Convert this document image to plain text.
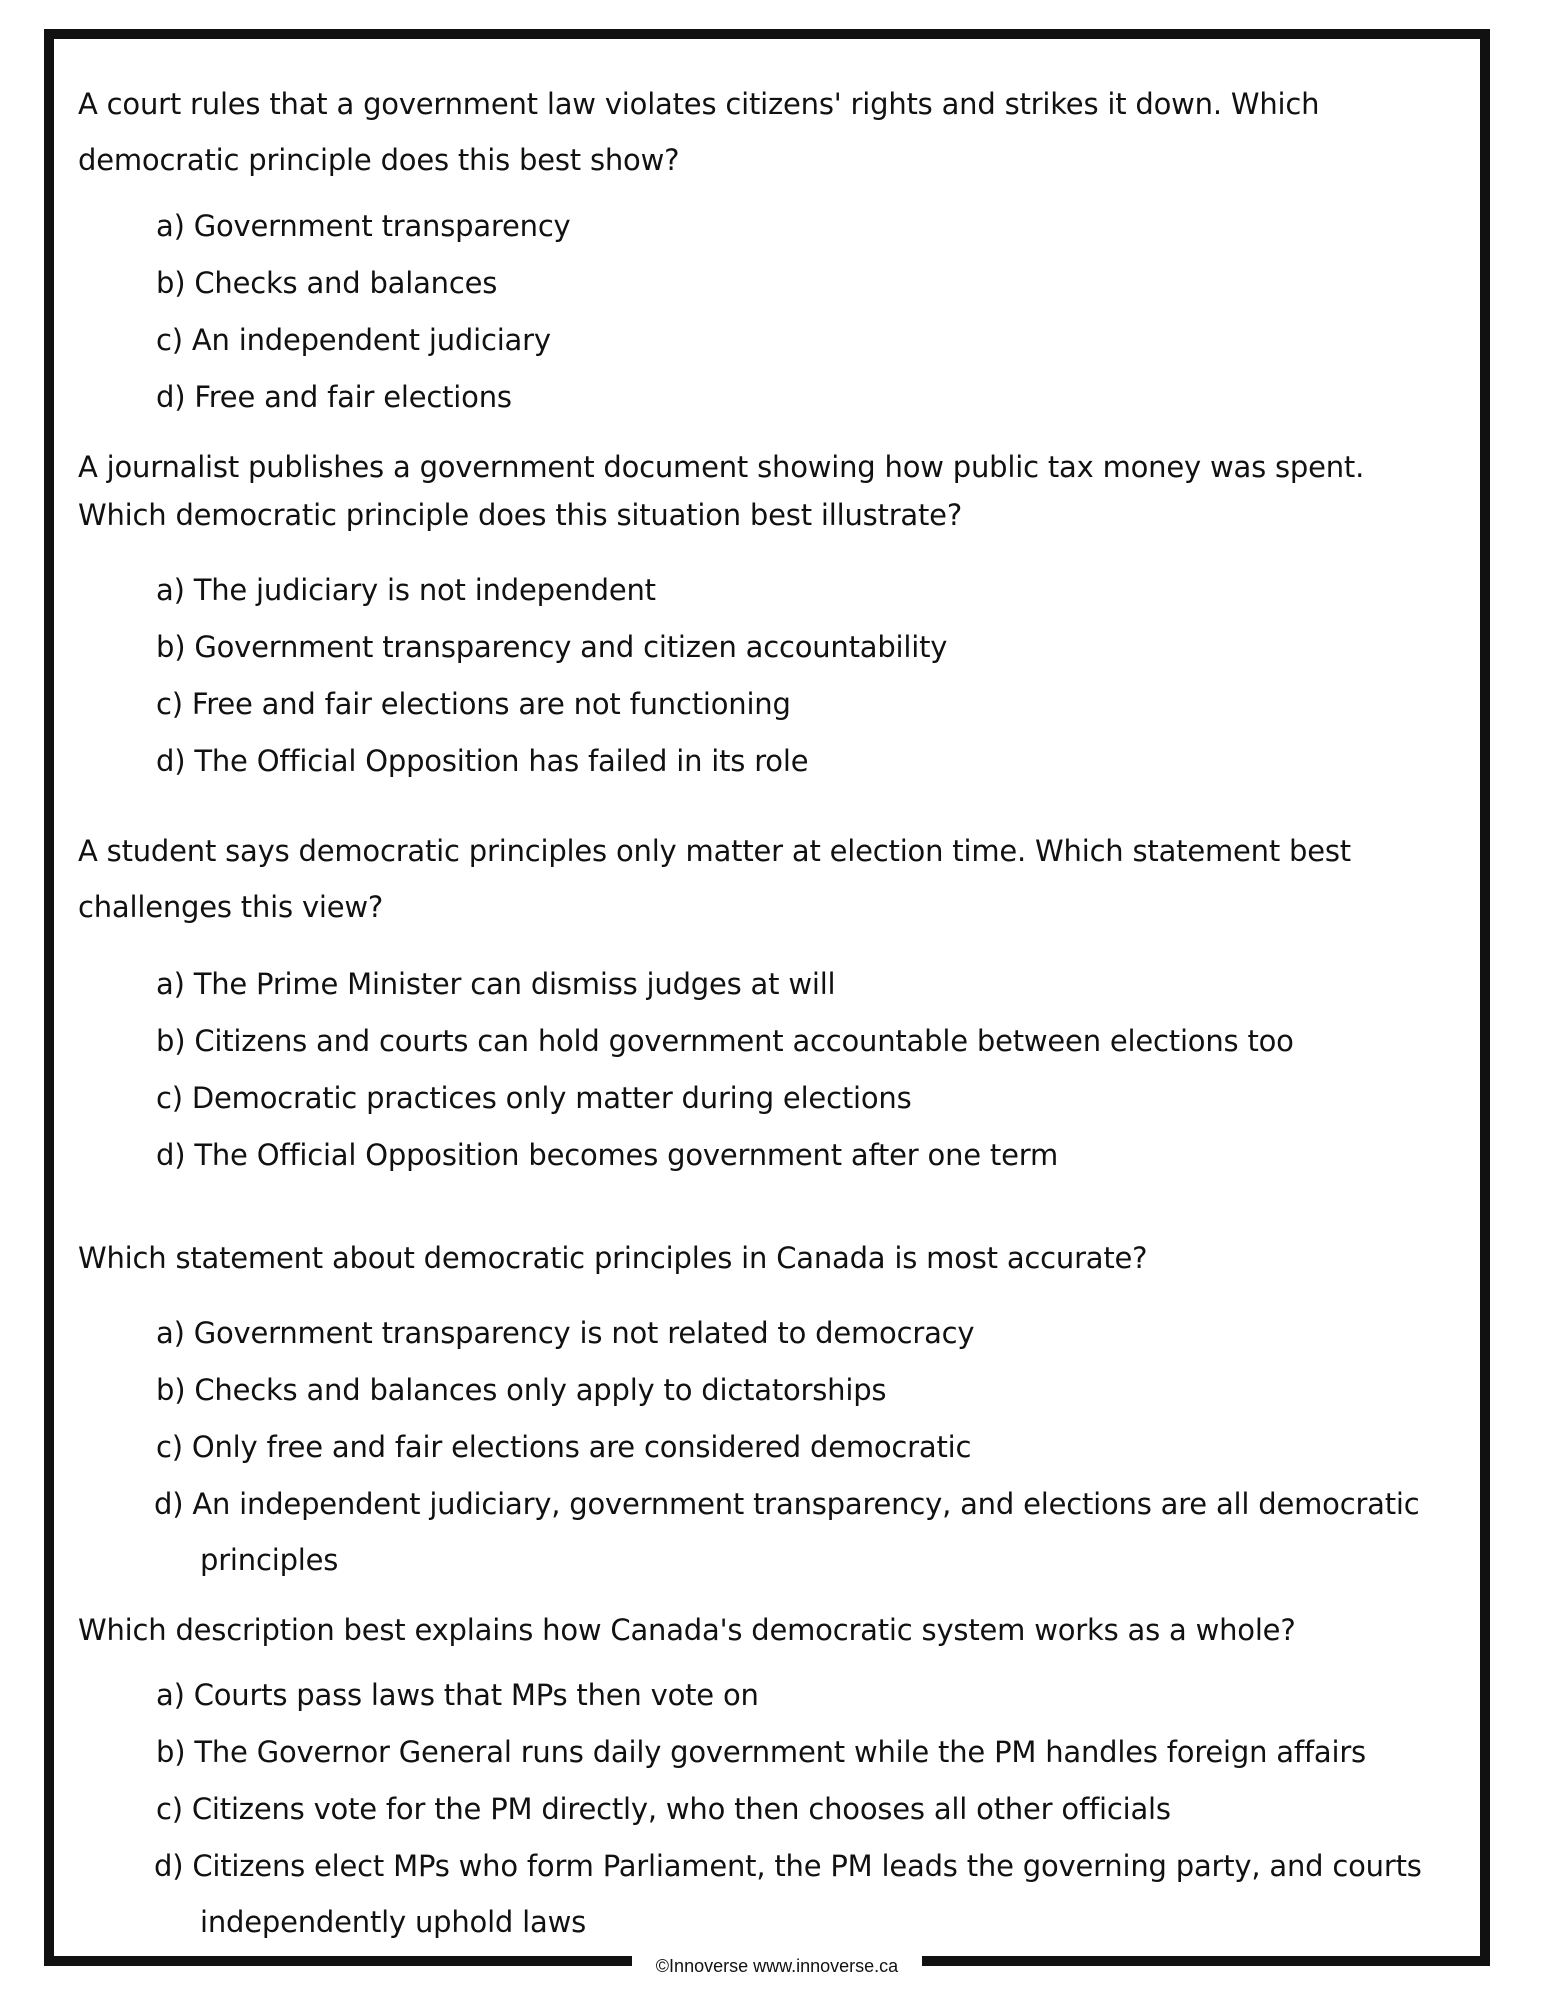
A court rules that a government law violates citizens' rights and strikes it down. Which democratic principle does this best show?
a) Government transparency
b) Checks and balances
c) An independent judiciary
d) Free and fair elections
A journalist publishes a government document showing how public tax money was spent. Which democratic principle does this situation best illustrate?
a) The judiciary is not independent
b) Government transparency and citizen accountability
c) Free and fair elections are not functioning
d) The Official Opposition has failed in its role
A student says democratic principles only matter at election time. Which statement best challenges this view?
a) The Prime Minister can dismiss judges at will
b) Citizens and courts can hold government accountable between elections too
c) Democratic practices only matter during elections
d) The Official Opposition becomes government after one term
Which statement about democratic principles in Canada is most accurate?
a) Government transparency is not related to democracy
b) Checks and balances only apply to dictatorships
c) Only free and fair elections are considered democratic
d) An independent judiciary, government transparency, and elections are all democratic principles
Which description best explains how Canada's democratic system works as a whole?
a) Courts pass laws that MPs then vote on
b) The Governor General runs daily government while the PM handles foreign affairs
c) Citizens vote for the PM directly, who then chooses all other officials
d) Citizens elect MPs who form Parliament, the PM leads the governing party, and courts independently uphold laws
©Innoverse www.innoverse.ca
